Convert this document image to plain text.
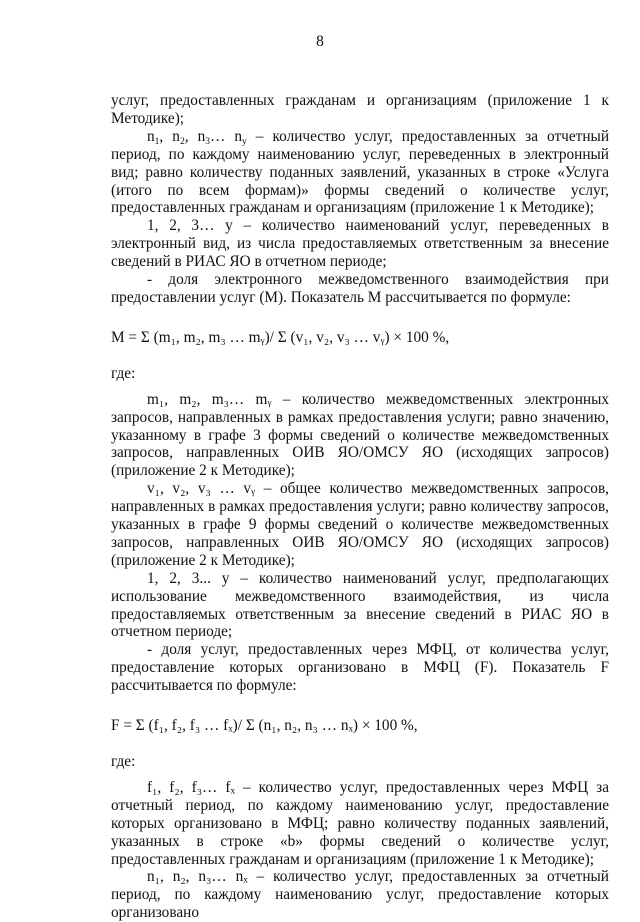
8

услуг, предоставленных гражданам и организациям (приложение 1 к Методике);

$n_1$, $n_2$, $n_3\dots$ $n_y$ – количество услуг, предоставленных за отчетный период, по каждому наименованию услуг, переведенных в электронный вид; равно количеству поданных заявлений, указанных в строке «Услуга (итого по всем формам)» формы сведений о количестве услуг, предоставленных гражданам и организациям (приложение 1 к Методике);

1, 2, 3… y – количество наименований услуг, переведенных в электронный вид, из числа предоставляемых ответственным за внесение сведений в РИАС ЯО в отчетном периоде;

- доля электронного межведомственного взаимодействия при предоставлении услуг (M). Показатель M рассчитывается по формуле:

M = Σ (m₁, m₂, m₃ … mᵧ)/ Σ (v₁, v₂, v₃ … vᵧ) × 100 %,

где:

m₁, m₂, m₃… mᵧ – количество межведомственных электронных запросов, направленных в рамках предоставления услуги; равно значению, указанному в графе 3 формы сведений о количестве межведомственных запросов, направленных ОИВ ЯО/ОМСУ ЯО (исходящих запросов) (приложение 2 к Методике);

v₁, v₂, v₃ … vᵧ – общее количество межведомственных запросов, направленных в рамках предоставления услуги; равно количеству запросов, указанных в графе 9 формы сведений о количестве межведомственных запросов, направленных ОИВ ЯО/ОМСУ ЯО (исходящих запросов) (приложение 2 к Методике);

1, 2, 3... y – количество наименований услуг, предполагающих использование межведомственного взаимодействия, из числа предоставляемых ответственным за внесение сведений в РИАС ЯО в отчетном периоде;

- доля услуг, предоставленных через МФЦ, от количества услуг, предоставление которых организовано в МФЦ (F). Показатель F рассчитывается по формуле:

F = Σ (f₁, f₂, f₃ … fₓ)/ Σ (n₁, n₂, n₃ … nₓ) × 100 %,

где:

f₁, f₂, f₃… fₓ – количество услуг, предоставленных через МФЦ за отчетный период, по каждому наименованию услуг, предоставление которых организовано в МФЦ; равно количеству поданных заявлений, указанных в строке «b» формы сведений о количестве услуг, предоставленных гражданам и организациям (приложение 1 к Методике);

n₁, n₂, n₃… nₓ – количество услуг, предоставленных за отчетный период, по каждому наименованию услуг, предоставление которых организовано
